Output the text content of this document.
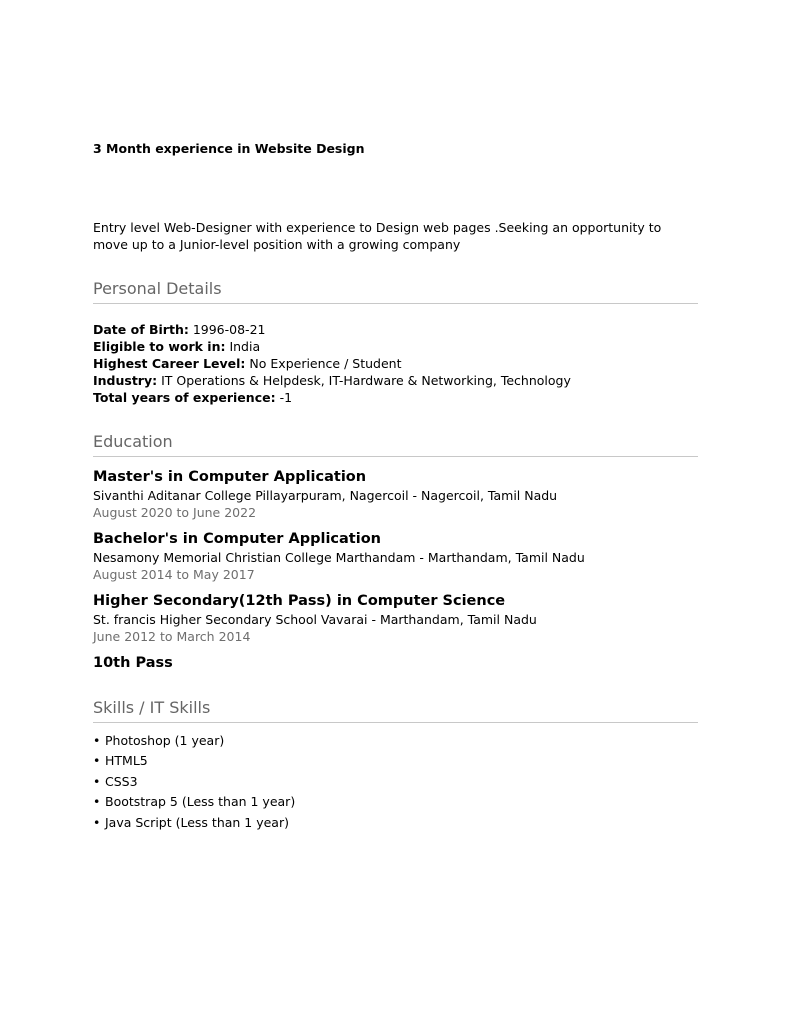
3 Month experience in Website Design
Entry level Web-Designer with experience to Design web pages .Seeking an opportunity to move up to a Junior-level position with a growing company
Personal Details
Date of Birth: 1996-08-21
Eligible to work in: India
Highest Career Level: No Experience / Student
Industry: IT Operations & Helpdesk, IT-Hardware & Networking, Technology
Total years of experience: -1
Education
Master's in Computer Application
Sivanthi Aditanar College Pillayarpuram, Nagercoil - Nagercoil, Tamil Nadu
August 2020 to June 2022
Bachelor's in Computer Application
Nesamony Memorial Christian College Marthandam - Marthandam, Tamil Nadu
August 2014 to May 2017
Higher Secondary(12th Pass) in Computer Science
St. francis Higher Secondary School Vavarai - Marthandam, Tamil Nadu
June 2012 to March 2014
10th Pass
Skills / IT Skills
• Photoshop (1 year)
• HTML5
• CSS3
• Bootstrap 5 (Less than 1 year)
• Java Script (Less than 1 year)
